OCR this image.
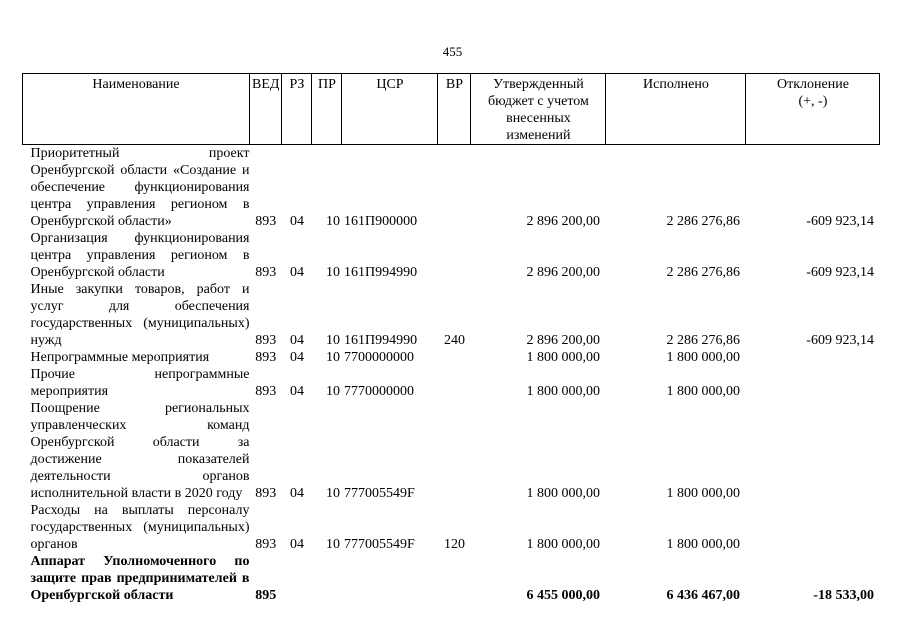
455
Наименование	ВЕД	РЗ	ПР	ЦСР	ВР	Утвержденный бюджет с учетом внесенных изменений	Исполнено	Отклонение (+, -)
Приоритетный проект Оренбургской области «Создание и обеспечение функционирования центра управления регионом в Оренбургской области»	893	04	10	161П900000		2 896 200,00	2 286 276,86	-609 923,14
Организация функционирования центра управления регионом в Оренбургской области	893	04	10	161П994990		2 896 200,00	2 286 276,86	-609 923,14
Иные закупки товаров, работ и услуг для обеспечения государственных (муниципальных) нужд	893	04	10	161П994990	240	2 896 200,00	2 286 276,86	-609 923,14
Непрограммные мероприятия	893	04	10	7700000000		1 800 000,00	1 800 000,00	
Прочие непрограммные мероприятия	893	04	10	7770000000		1 800 000,00	1 800 000,00	
Поощрение региональных управленческих команд Оренбургской области за достижение показателей деятельности органов исполнительной власти в 2020 году	893	04	10	777005549F		1 800 000,00	1 800 000,00	
Расходы на выплаты персоналу государственных (муниципальных) органов	893	04	10	777005549F	120	1 800 000,00	1 800 000,00	
Аппарат Уполномоченного по защите прав предпринимателей в Оренбургской области	895					6 455 000,00	6 436 467,00	-18 533,00
